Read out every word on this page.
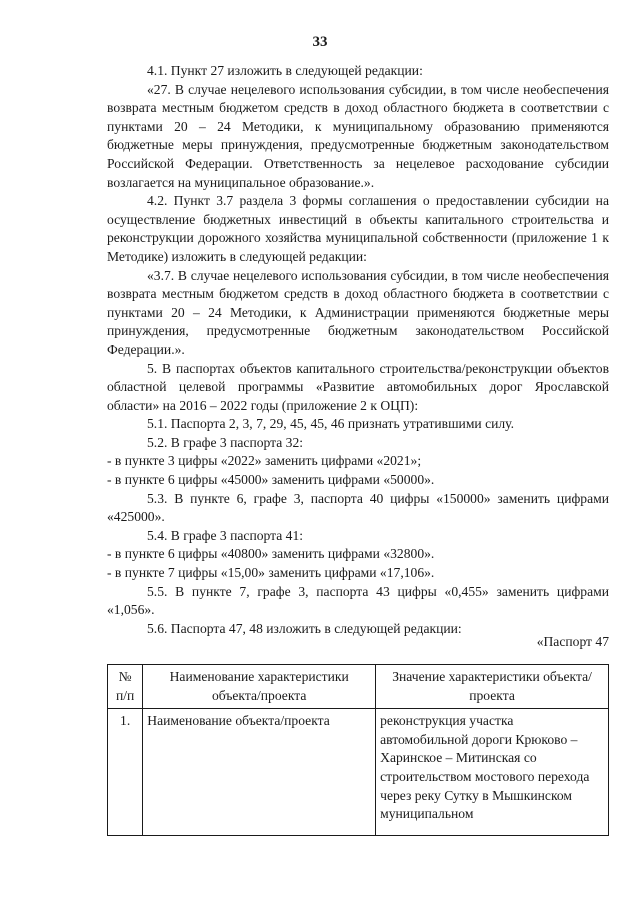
33

4.1. Пункт 27 изложить в следующей редакции:

«27. В случае нецелевого использования субсидии, в том числе необеспечения возврата местным бюджетом средств в доход областного бюджета в соответствии с пунктами 20 – 24 Методики, к муниципальному образованию применяются бюджетные меры принуждения, предусмотренные бюджетным законодательством Российской Федерации. Ответственность за нецелевое расходование субсидии возлагается на муниципальное образование.».

4.2. Пункт 3.7 раздела 3 формы соглашения о предоставлении субсидии на осуществление бюджетных инвестиций в объекты капитального строительства и реконструкции дорожного хозяйства муниципальной собственности (приложение 1 к Методике) изложить в следующей редакции:

«3.7. В случае нецелевого использования субсидии, в том числе необеспечения возврата местным бюджетом средств в доход областного бюджета в соответствии с пунктами 20 – 24 Методики, к Администрации применяются бюджетные меры принуждения, предусмотренные бюджетным законодательством Российской Федерации.».

5. В паспортах объектов капитального строительства/реконструкции объектов областной целевой программы «Развитие автомобильных дорог Ярославской области» на 2016 – 2022 годы (приложение 2 к ОЦП):

5.1. Паспорта 2, 3, 7, 29, 45, 45, 46 признать утратившими силу.

5.2. В графе 3 паспорта 32:

- в пункте 3 цифры «2022» заменить цифрами «2021»;

- в пункте 6 цифры «45000» заменить цифрами «50000».

5.3. В пункте 6, графе 3, паспорта 40 цифры «150000» заменить цифрами «425000».

5.4. В графе 3 паспорта 41:

- в пункте 6 цифры «40800» заменить цифрами «32800».

- в пункте 7 цифры «15,00» заменить цифрами «17,106».

5.5. В пункте 7, графе 3, паспорта 43 цифры «0,455» заменить цифрами «1,056».

5.6. Паспорта 47, 48 изложить в следующей редакции:

«Паспорт 47
№ п/п	Наименование характеристики объекта/проекта	Значение характеристики объекта/проекта
1.	Наименование объекта/проекта	реконструкция участка автомобильной дороги Крюково – Харинское – Митинская со строительством мостового перехода через реку Сутку в Мышкинском муниципальном
